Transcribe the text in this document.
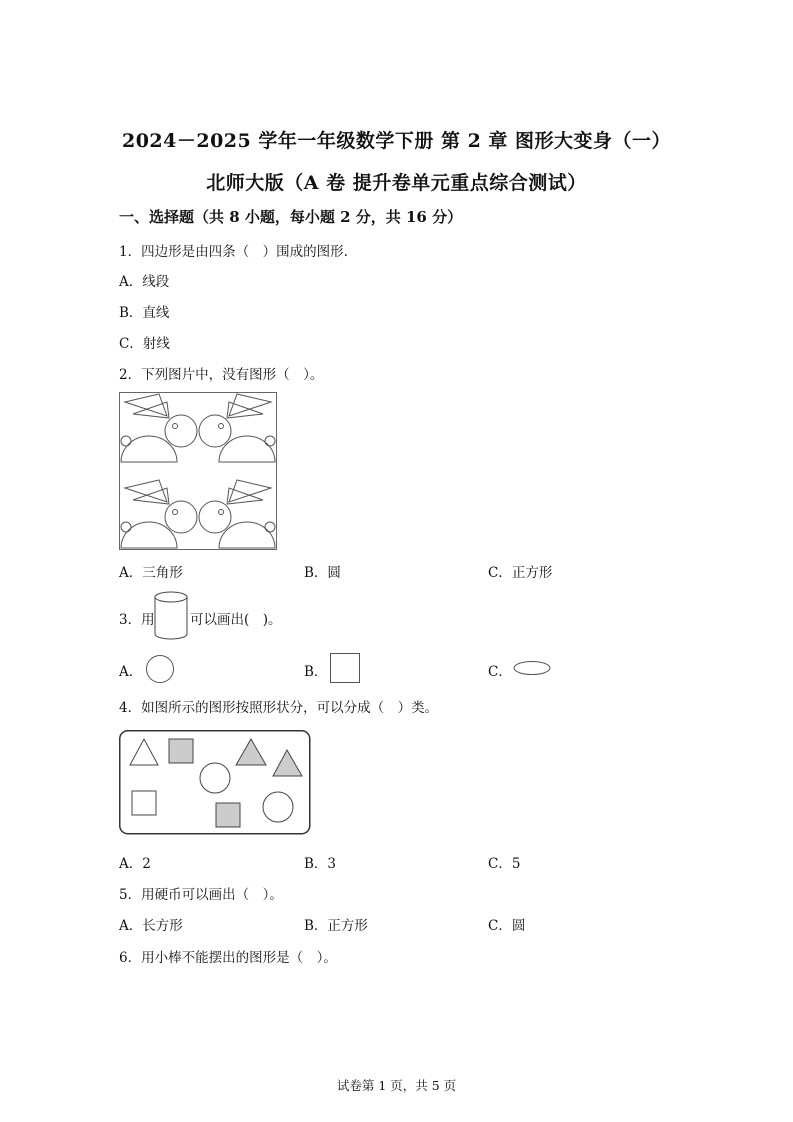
2024－2025 学年一年级数学下册 第 2 章 图形大变身（一）
北师大版（A 卷 提升卷单元重点综合测试）
一、选择题（共 8 小题，每小题 2 分，共 16 分）
1．四边形是由四条（　）围成的图形.
A．线段
B．直线
C．射线
2．下列图片中，没有图形（　）。
A．三角形	B．圆	C．正方形
3．用	可以画出(　)。
A．	B．	C．
4．如图所示的图形按照形状分，可以分成（　）类。
A．2	B．3	C．5
5．用硬币可以画出（　）。
A．长方形	B．正方形	C．圆
6．用小棒不能摆出的图形是（　）。
试卷第 1 页，共 5 页
